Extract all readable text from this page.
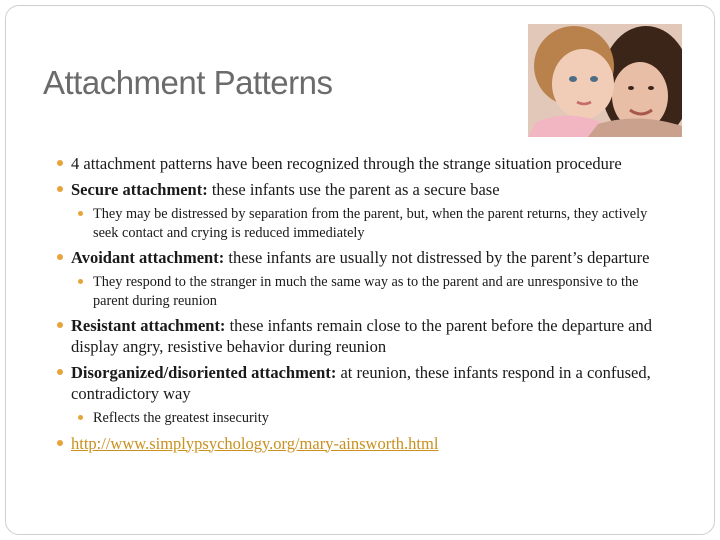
Attachment Patterns
4 attachment patterns have been recognized through the strange situation procedure
Secure attachment: these infants use the parent as a secure base
They may be distressed by separation from the parent, but, when the parent returns, they actively seek contact and crying is reduced immediately
Avoidant attachment: these infants are usually not distressed by the parent’s departure
They respond to the stranger in much the same way as to the parent and are unresponsive to the parent during reunion
Resistant attachment: these infants remain close to the parent before the departure and display angry, resistive behavior during reunion
Disorganized/disoriented attachment: at reunion, these infants respond in a confused, contradictory way
Reflects the greatest insecurity
http://www.simplypsychology.org/mary-ainsworth.html
